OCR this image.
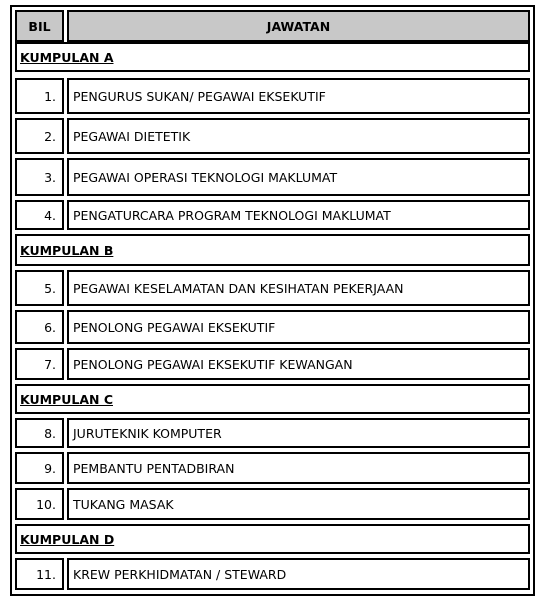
BIL	JAWATAN
KUMPULAN A
1.	PENGURUS SUKAN/ PEGAWAI EKSEKUTIF
2.	PEGAWAI DIETETIK
3.	PEGAWAI OPERASI TEKNOLOGI MAKLUMAT
4.	PENGATURCARA PROGRAM TEKNOLOGI MAKLUMAT
KUMPULAN B
5.	PEGAWAI KESELAMATAN DAN KESIHATAN PEKERJAAN
6.	PENOLONG PEGAWAI EKSEKUTIF
7.	PENOLONG PEGAWAI EKSEKUTIF KEWANGAN
KUMPULAN C
8.	JURUTEKNIK KOMPUTER
9.	PEMBANTU PENTADBIRAN
10.	TUKANG MASAK
KUMPULAN D
11.	KREW PERKHIDMATAN / STEWARD
